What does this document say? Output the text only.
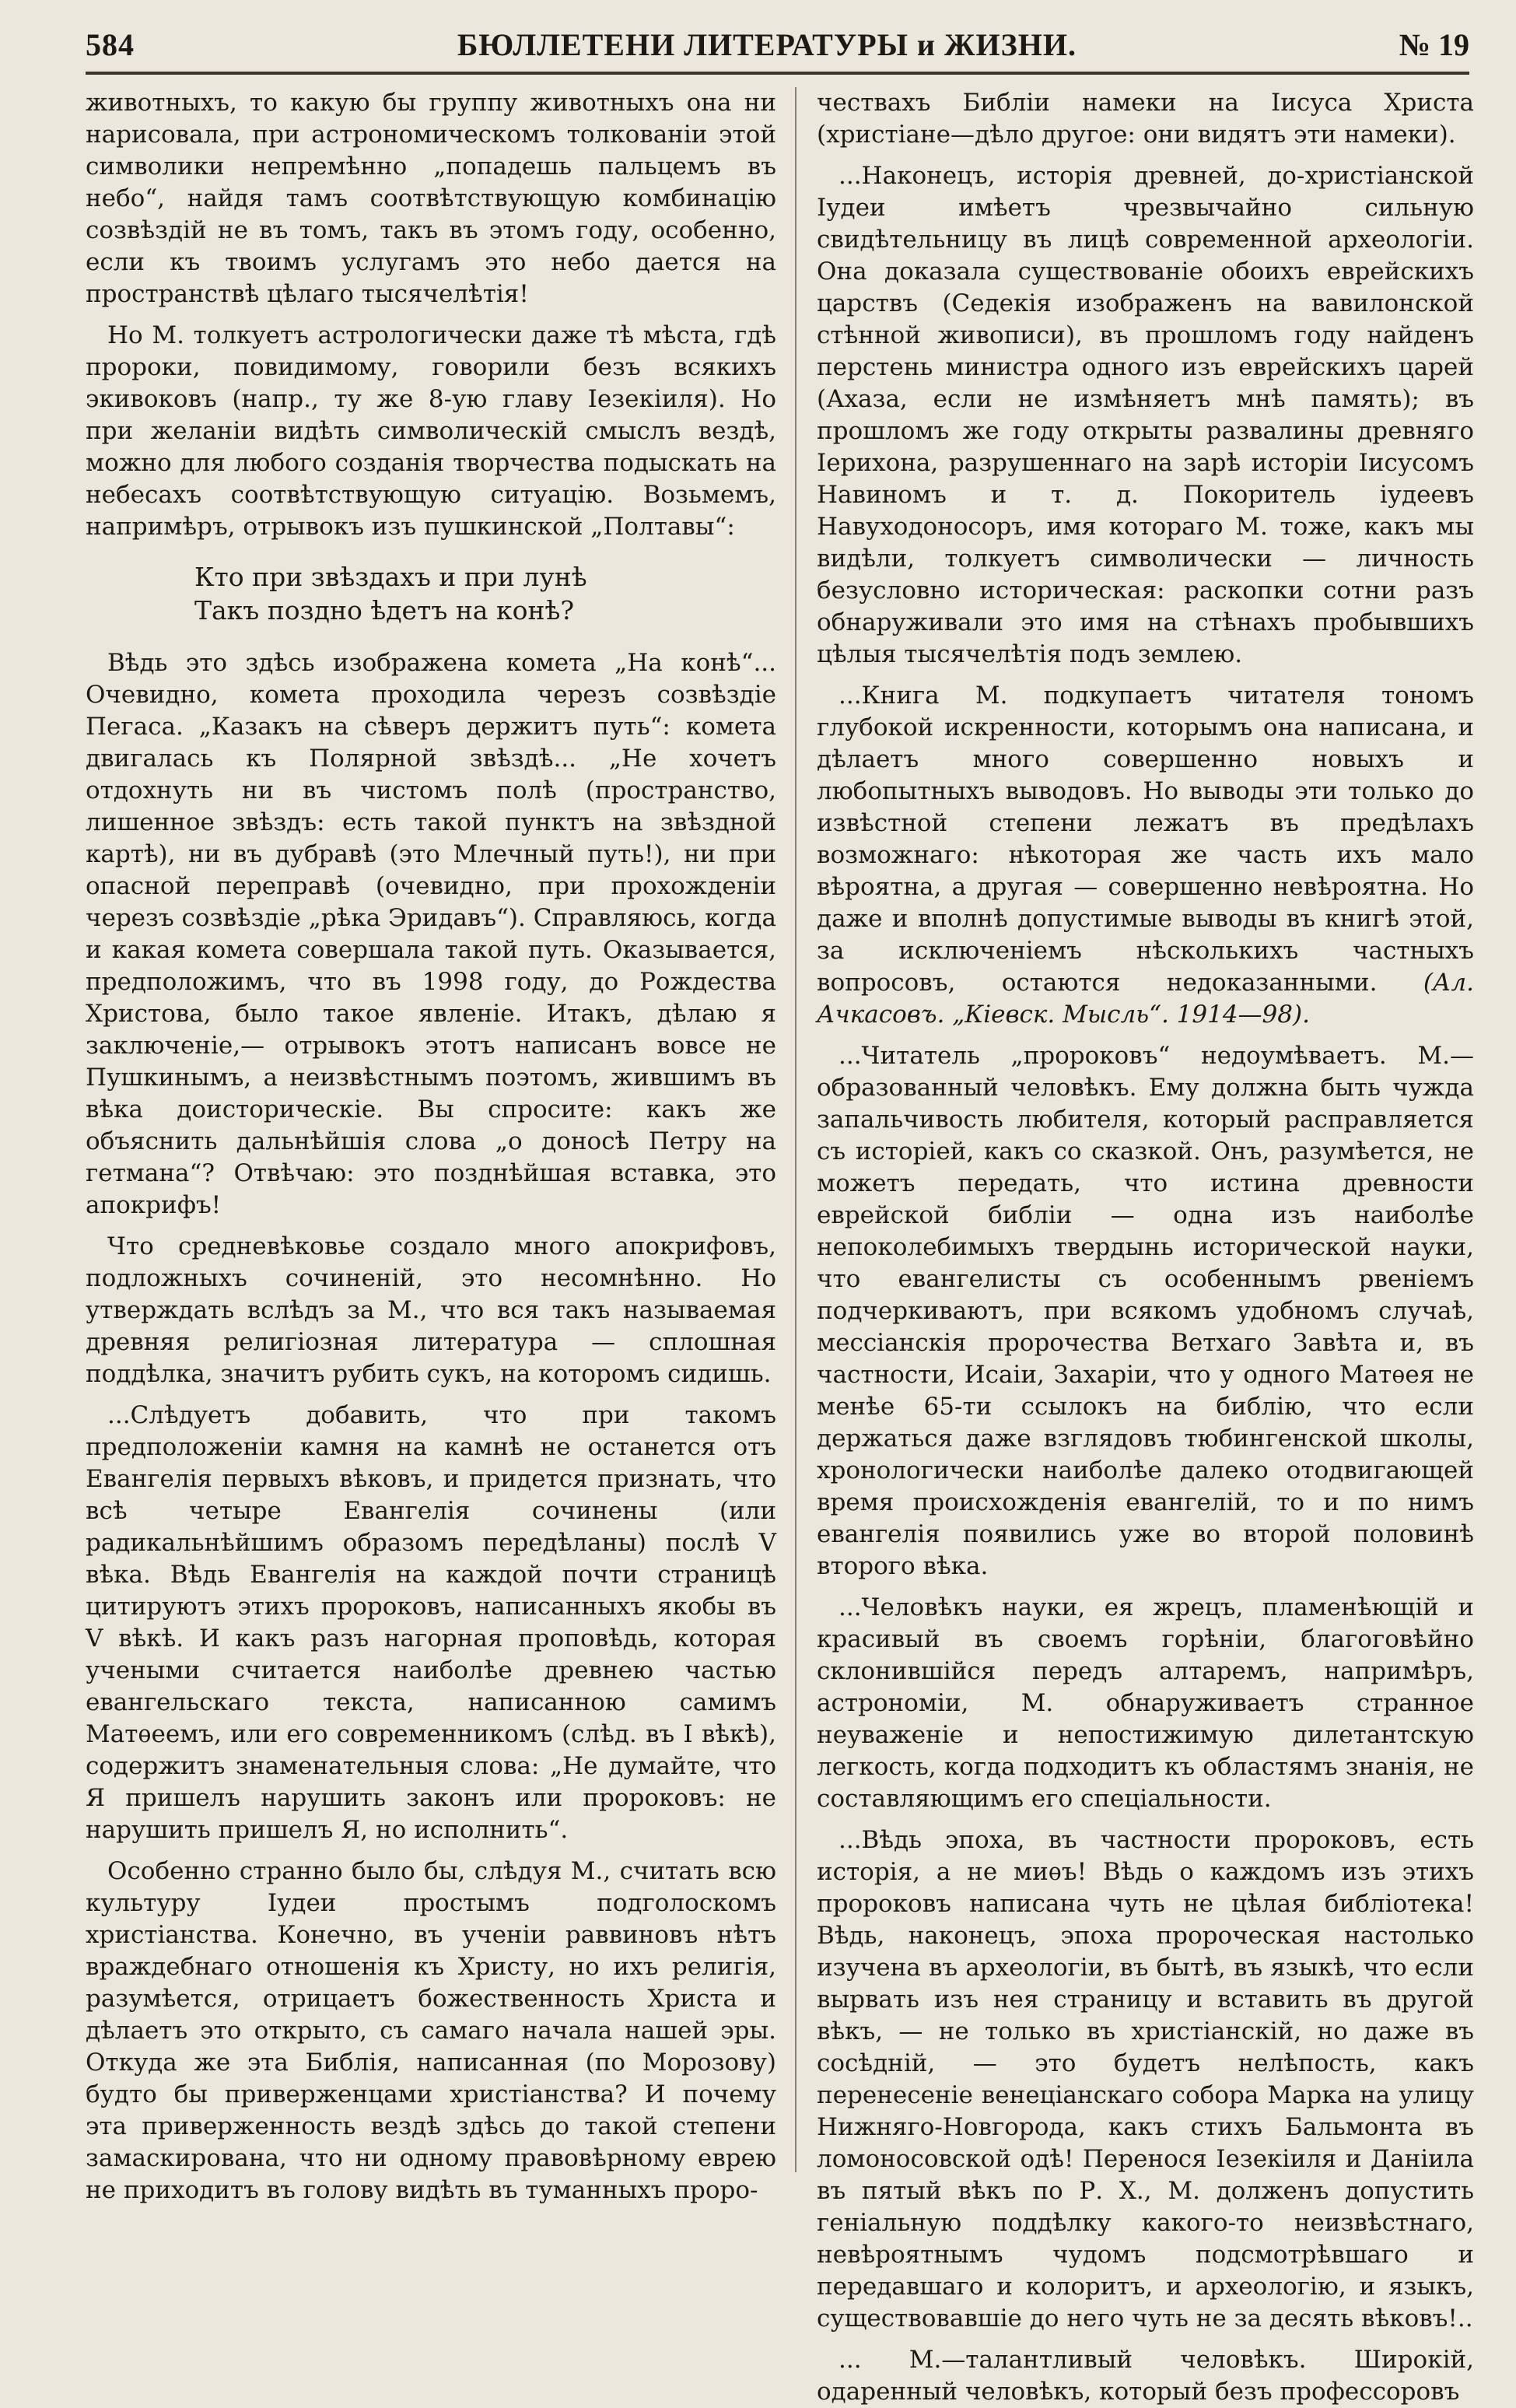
584	БЮЛЛЕТЕНИ ЛИТЕРАТУРЫ и ЖИЗНИ.	№ 19

животныхъ, то какую бы группу животныхъ она ни нарисовала, при астрономическомъ толкованіи этой символики непремѣнно „попадешь пальцемъ въ небо“, найдя тамъ соотвѣтствующую комбинацію созвѣздій не въ томъ, такъ въ этомъ году, особенно, если къ твоимъ услугамъ это небо дается на пространствѣ цѣлаго тысячелѣтія!

Но М. толкуетъ астрологически даже тѣ мѣста, гдѣ пророки, повидимому, говорили безъ всякихъ экивоковъ (напр., ту же 8-ую главу Іезекіиля). Но при желаніи видѣть символическій смыслъ вездѣ, можно для любого созданія творчества подыскать на небесахъ соотвѣтствующую ситуацію. Возьмемъ, напримѣръ, отрывокъ изъ пушкинской „Полтавы“:

Кто при звѣздахъ и при лунѣ
Такъ поздно ѣдетъ на конѣ?

Вѣдь это здѣсь изображена комета „На конѣ“... Очевидно, комета проходила черезъ созвѣздіе Пегаса. „Казакъ на сѣверъ держитъ путь“: комета двигалась къ Полярной звѣздѣ... „Не хочетъ отдохнуть ни въ чистомъ полѣ (пространство, лишенное звѣздъ: есть такой пунктъ на звѣздной картѣ), ни въ дубравѣ (это Млечный путь!), ни при опасной переправѣ (очевидно, при прохожденіи черезъ созвѣздіе „рѣка Эридавъ“). Справляюсь, когда и какая комета совершала такой путь. Оказывается, предположимъ, что въ 1998 году, до Рождества Христова, было такое явленіе. Итакъ, дѣлаю я заключеніе,— отрывокъ этотъ написанъ вовсе не Пушкинымъ, а неизвѣстнымъ поэтомъ, жившимъ въ вѣка доисторическіе. Вы спросите: какъ же объяснить дальнѣйшія слова „о доносѣ Петру на гетмана“? Отвѣчаю: это позднѣйшая вставка, это апокрифъ!

Что средневѣковье создало много апокрифовъ, подложныхъ сочиненій, это несомнѣнно. Но утверждать вслѣдъ за М., что вся такъ называемая древняя религіозная литература — сплошная поддѣлка, значитъ рубить сукъ, на которомъ сидишь.

...Слѣдуетъ добавить, что при такомъ предположеніи камня на камнѣ не останется отъ Евангелія первыхъ вѣковъ, и придется признать, что всѣ четыре Евангелія сочинены (или радикальнѣйшимъ образомъ передѣланы) послѣ V вѣка. Вѣдь Евангелія на каждой почти страницѣ цитируютъ этихъ пророковъ, написанныхъ якобы въ V вѣкѣ. И какъ разъ нагорная проповѣдь, которая учеными считается наиболѣе древнею частью евангельскаго текста, написанною самимъ Матѳеемъ, или его современникомъ (слѣд. въ I вѣкѣ), содержитъ знаменательныя слова: „Не думайте, что Я пришелъ нарушить законъ или пророковъ: не нарушить пришелъ Я, но исполнить“.

Особенно странно было бы, слѣдуя М., считать всю культуру Іудеи простымъ подголоскомъ христіанства. Конечно, въ ученіи раввиновъ нѣтъ враждебнаго отношенія къ Христу, но ихъ религія, разумѣется, отрицаетъ божественность Христа и дѣлаетъ это открыто, съ самаго начала нашей эры. Откуда же эта Библія, написанная (по Морозову) будто бы приверженцами христіанства? И почему эта приверженность вездѣ здѣсь до такой степени замаскирована, что ни одному правовѣрному еврею не приходитъ въ голову видѣть въ туманныхъ проро-

чествахъ Библіи намеки на Іисуса Христа (христіане—дѣло другое: они видятъ эти намеки).

...Наконецъ, исторія древней, до-христіанской Іудеи имѣетъ чрезвычайно сильную свидѣтельницу въ лицѣ современной археологіи. Она доказала существованіе обоихъ еврейскихъ царствъ (Седекія изображенъ на вавилонской стѣнной живописи), въ прошломъ году найденъ перстень министра одного изъ еврейскихъ царей (Ахаза, если не измѣняетъ мнѣ память); въ прошломъ же году открыты развалины древняго Іерихона, разрушеннаго на зарѣ исторіи Іисусомъ Навиномъ и т. д. Покоритель іудеевъ Навуходоносоръ, имя котораго М. тоже, какъ мы видѣли, толкуетъ символически — личность безусловно историческая: раскопки сотни разъ обнаруживали это имя на стѣнахъ пробывшихъ цѣлыя тысячелѣтія подъ землею.

...Книга М. подкупаетъ читателя тономъ глубокой искренности, которымъ она написана, и дѣлаетъ много совершенно новыхъ и любопытныхъ выводовъ. Но выводы эти только до извѣстной степени лежатъ въ предѣлахъ возможнаго: нѣкоторая же часть ихъ мало вѣроятна, а другая — совершенно невѣроятна. Но даже и вполнѣ допустимые выводы въ книгѣ этой, за исключеніемъ нѣсколькихъ частныхъ вопросовъ, остаются недоказанными. (Ал. Ачкасовъ. „Кіевск. Мысль“. 1914—98).

...Читатель „пророковъ“ недоумѣваетъ. М.— образованный человѣкъ. Ему должна быть чужда запальчивость любителя, который расправляется съ исторіей, какъ со сказкой. Онъ, разумѣется, не можетъ передать, что истина древности еврейской библіи — одна изъ наиболѣе непоколебимыхъ твердынь исторической науки, что евангелисты съ особеннымъ рвеніемъ подчеркиваютъ, при всякомъ удобномъ случаѣ, мессіанскія пророчества Ветхаго Завѣта и, въ частности, Исаіи, Захаріи, что у одного Матѳея не менѣе 65-ти ссылокъ на библію, что если держаться даже взглядовъ тюбингенской школы, хронологически наиболѣе далеко отодвигающей время происхожденія евангелій, то и по нимъ евангелія появились уже во второй половинѣ второго вѣка.

...Человѣкъ науки, ея жрецъ, пламенѣющій и красивый въ своемъ горѣніи, благоговѣйно склонившійся передъ алтаремъ, напримѣръ, астрономіи, М. обнаруживаетъ странное неуваженіе и непостижимую дилетантскую легкость, когда подходитъ къ областямъ знанія, не составляющимъ его спеціальности.

...Вѣдь эпоха, въ частности пророковъ, есть исторія, а не миѳъ! Вѣдь о каждомъ изъ этихъ пророковъ написана чуть не цѣлая библіотека! Вѣдь, наконецъ, эпоха пророческая настолько изучена въ археологіи, въ бытѣ, въ языкѣ, что если вырвать изъ нея страницу и вставить въ другой вѣкъ, — не только въ христіанскій, но даже въ сосѣдній, — это будетъ нелѣпость, какъ перенесеніе венеціанскаго собора Марка на улицу Нижняго-Новгорода, какъ стихъ Бальмонта въ ломоносовской одѣ! Перенося Іезекіиля и Даніила въ пятый вѣкъ по Р. Х., М. долженъ допустить геніальную поддѣлку какого-то неизвѣстнаго, невѣроятнымъ чудомъ подсмотрѣвшаго и передавшаго и колоритъ, и археологію, и языкъ, существовавшіе до него чуть не за десять вѣковъ!..

... М.—талантливый человѣкъ. Широкій, одаренный человѣкъ, который безъ профессоровъ
